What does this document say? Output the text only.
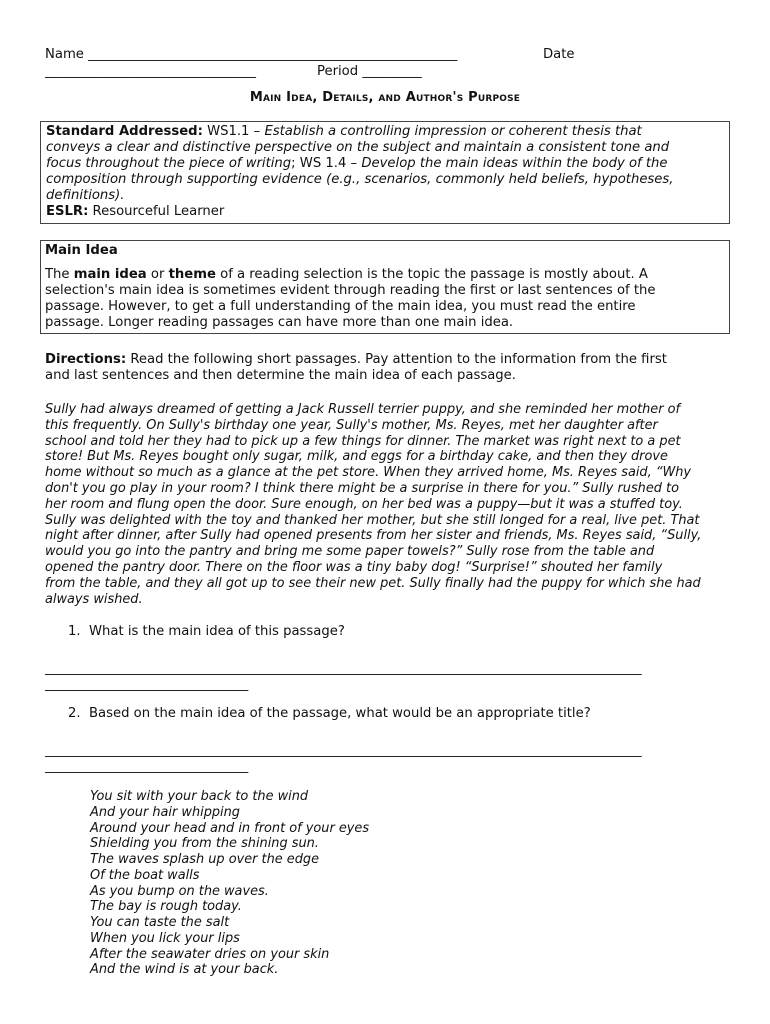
Name ________________________________________________________	Date
________________________________	Period _________
Main Idea, Details, and Author's Purpose
Standard Addressed: WS1.1 – Establish a controlling impression or coherent thesis that
conveys a clear and distinctive perspective on the subject and maintain a consistent tone and
focus throughout the piece of writing; WS 1.4 – Develop the main ideas within the body of the
composition through supporting evidence (e.g., scenarios, commonly held beliefs, hypotheses,
definitions).
ESLR: Resourceful Learner
Main Idea
The main idea or theme of a reading selection is the topic the passage is mostly about. A
selection's main idea is sometimes evident through reading the first or last sentences of the
passage. However, to get a full understanding of the main idea, you must read the entire
passage. Longer reading passages can have more than one main idea.
Directions: Read the following short passages. Pay attention to the information from the first
and last sentences and then determine the main idea of each passage.
Sully had always dreamed of getting a Jack Russell terrier puppy, and she reminded her mother of
this frequently. On Sully's birthday one year, Sully's mother, Ms. Reyes, met her daughter after
school and told her they had to pick up a few things for dinner. The market was right next to a pet
store! But Ms. Reyes bought only sugar, milk, and eggs for a birthday cake, and then they drove
home without so much as a glance at the pet store. When they arrived home, Ms. Reyes said, “Why
don't you go play in your room? I think there might be a surprise in there for you.” Sully rushed to
her room and flung open the door. Sure enough, on her bed was a puppy—but it was a stuffed toy.
Sully was delighted with the toy and thanked her mother, but she still longed for a real, live pet. That
night after dinner, after Sully had opened presents from her sister and friends, Ms. Reyes said, “Sully,
would you go into the pantry and bring me some paper towels?” Sully rose from the table and
opened the pantry door. There on the floor was a tiny baby dog! “Surprise!” shouted her family
from the table, and they all got up to see their new pet. Sully finally had the puppy for which she had
always wished.
1. What is the main idea of this passage?
______________________________________________________________________________________________
________________________________
2. Based on the main idea of the passage, what would be an appropriate title?
______________________________________________________________________________________________
________________________________
You sit with your back to the wind
And your hair whipping
Around your head and in front of your eyes
Shielding you from the shining sun.
The waves splash up over the edge
Of the boat walls
As you bump on the waves.
The bay is rough today.
You can taste the salt
When you lick your lips
After the seawater dries on your skin
And the wind is at your back.
